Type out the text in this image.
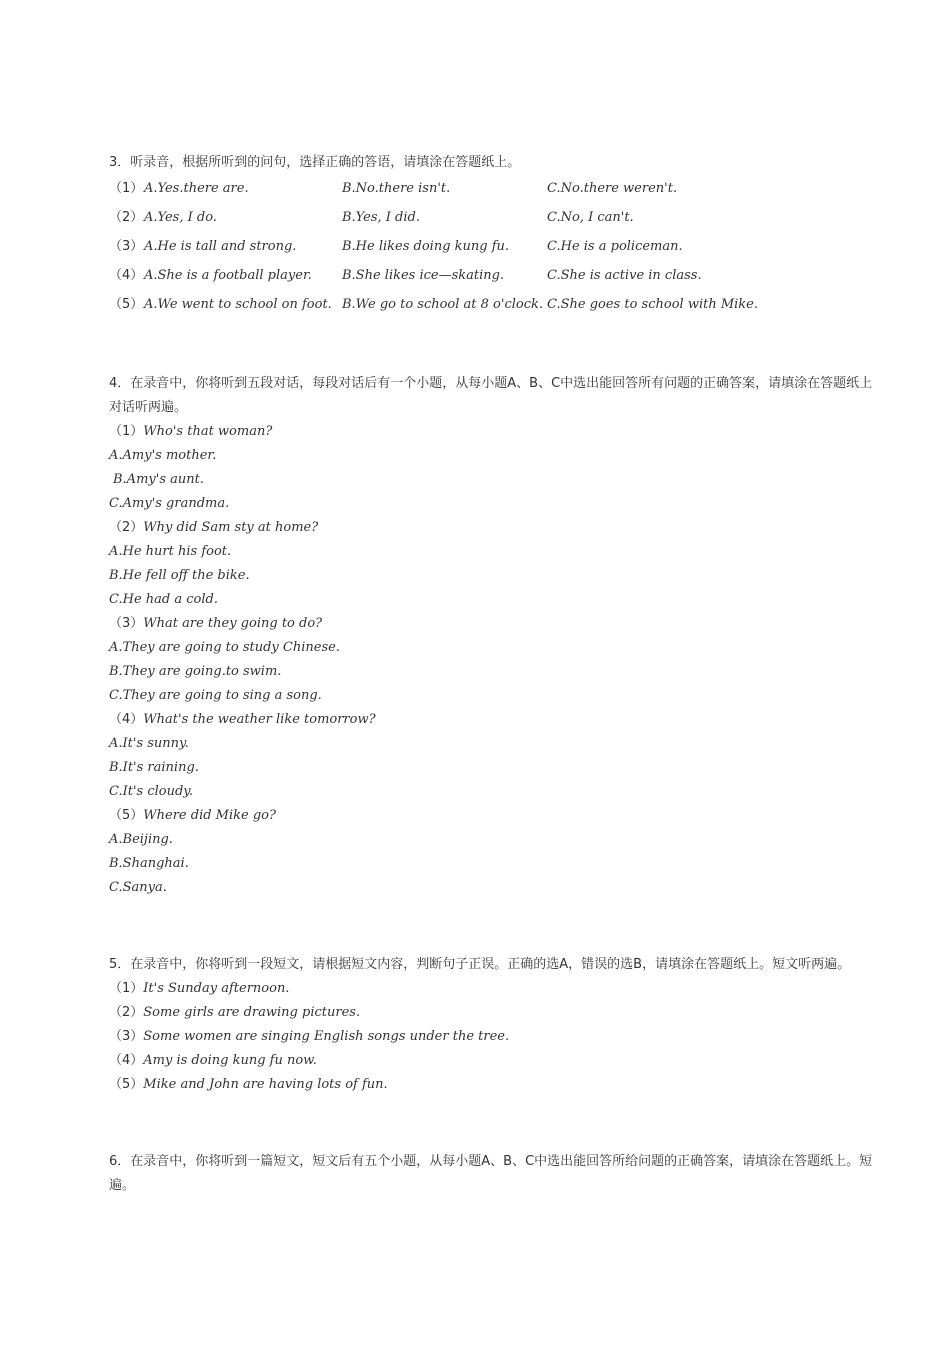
3．听录音，根据所听到的问句，选择正确的答语，请填涂在答题纸上。
（1） A.Yes.there are.	B.No.there isn't.	C.No.there weren't.
（2） A.Yes, I do.	B.Yes, I did.	C.No, I can't.
（3） A.He is tall and strong.	B.He likes doing kung fu.	C.He is a policeman.
（4） A.She is a football player. B.She likes ice—skating.	C.She is active in class.
（5） A.We went to school on foot. B.We go to school at 8 o'clock. C.She goes to school with Mike.
4．在录音中，你将听到五段对话，每段对话后有一个小题，从每小题A、B、C中选出能回答所有问题的正确答案，请填涂在答题纸上
对话听两遍。
（1）Who's that woman?
A.Amy's mother.
B.Amy's aunt.
C.Amy's grandma.
（2）Why did Sam sty at home?
A.He hurt his foot.
B.He fell off the bike.
C.He had a cold.
（3）What are they going to do?
A.They are going to study Chinese.
B.They are going.to swim.
C.They are going to sing a song.
（4）What's the weather like tomorrow?
A.It's sunny.
B.It's raining.
C.It's cloudy.
（5）Where did Mike go?
A.Beijing.
B.Shanghai.
C.Sanya.
5．在录音中，你将听到一段短文，请根据短文内容，判断句子正误。正确的选A，错误的选B，请填涂在答题纸上。短文听两遍。
（1）It's Sunday afternoon.
（2）Some girls are drawing pictures.
（3）Some women are singing English songs under the tree.
（4）Amy is doing kung fu now.
（5）Mike and John are having lots of fun.
6．在录音中，你将听到一篇短文，短文后有五个小题，从每小题A、B、C中选出能回答所给问题的正确答案，请填涂在答题纸上。短
遍。
